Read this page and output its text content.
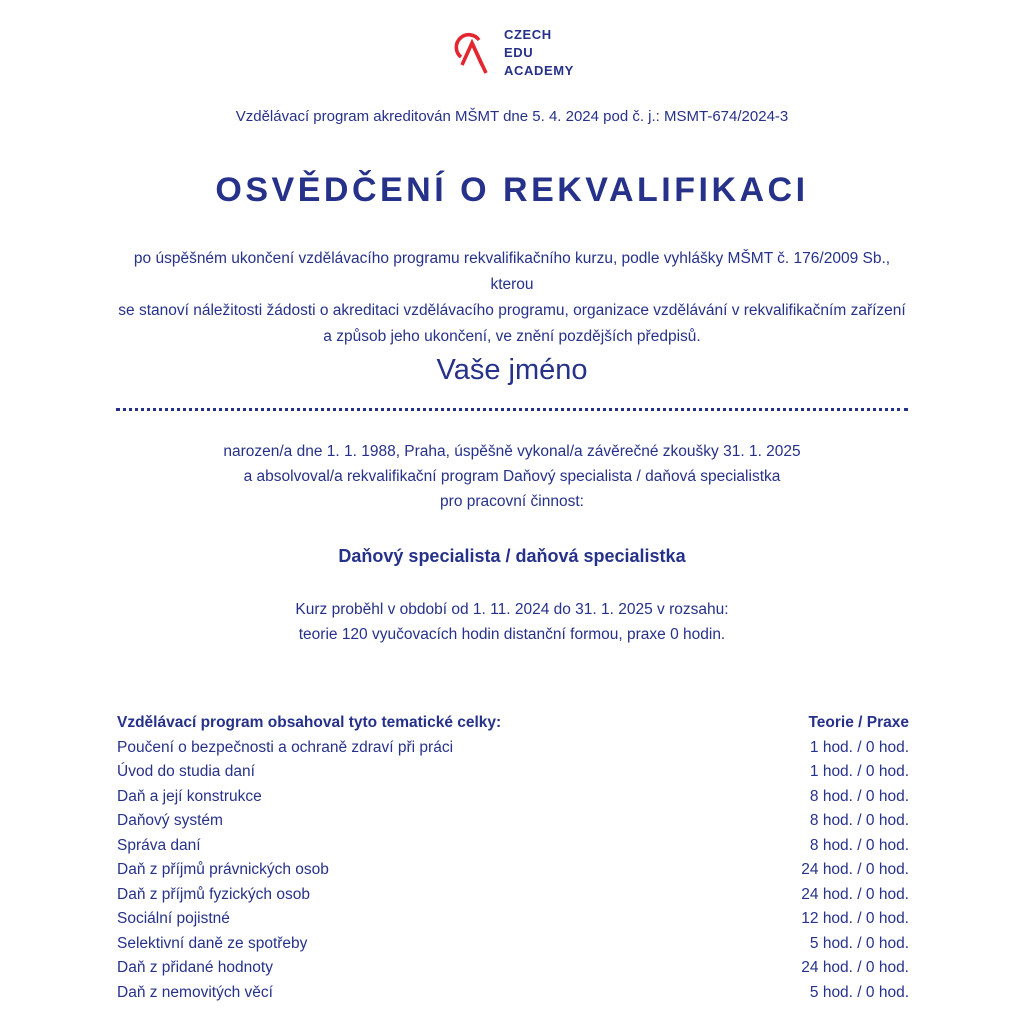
CZECH
EDU
ACADEMY
Vzdělávací program akreditován MŠMT dne 5. 4. 2024 pod č. j.: MSMT-674/2024-3
OSVĚDČENÍ O REKVALIFIKACI
po úspěšném ukončení vzdělávacího programu rekvalifikačního kurzu, podle vyhlášky MŠMT č. 176/2009 Sb., kterou
se stanoví náležitosti žádosti o akreditaci vzdělávacího programu, organizace vzdělávání v rekvalifikačním zařízení
a způsob jeho ukončení, ve znění pozdějších předpisů.
Vaše jméno
narozen/a dne 1. 1. 1988, Praha, úspěšně vykonal/a závěrečné zkoušky 31. 1. 2025
a absolvoval/a rekvalifikační program Daňový specialista / daňová specialistka
pro pracovní činnost:
Daňový specialista / daňová specialistka
Kurz proběhl v období od 1. 11. 2024 do 31. 1. 2025 v rozsahu:
teorie 120 vyučovacích hodin distanční formou, praxe 0 hodin.
Vzdělávací program obsahoval tyto tematické celky:	Teorie / Praxe
Poučení o bezpečnosti a ochraně zdraví při práci	1 hod. / 0 hod.
Úvod do studia daní	1 hod. / 0 hod.
Daň a její konstrukce	8 hod. / 0 hod.
Daňový systém	8 hod. / 0 hod.
Správa daní	8 hod. / 0 hod.
Daň z příjmů právnických osob	24 hod. / 0 hod.
Daň z příjmů fyzických osob	24 hod. / 0 hod.
Sociální pojistné	12 hod. / 0 hod.
Selektivní daně ze spotřeby	5 hod. / 0 hod.
Daň z přidané hodnoty	24 hod. / 0 hod.
Daň z nemovitých věcí	5 hod. / 0 hod.
